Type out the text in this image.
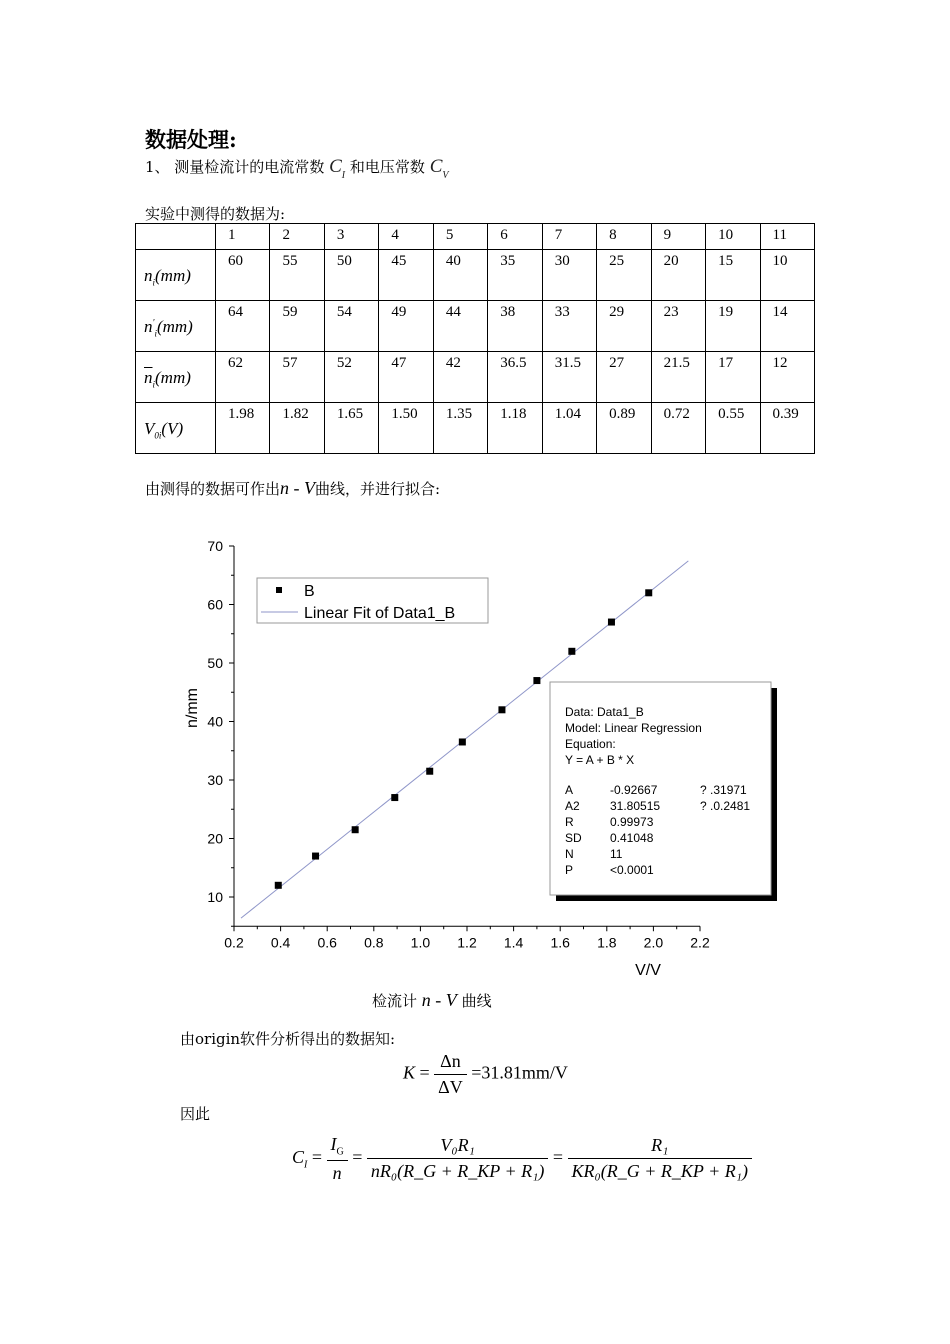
数据处理:
1、 测量检流计的电流常数 $C_I$ 和电压常数 $C_V$
实验中测得的数据为:
	1	2	3	4	5	6	7	8	9	10	11
$n_i(mm)$	60	55	50	45	40	35	30	25	20	15	10
$n'_i(mm)$	64	59	54	49	44	38	33	29	23	19	14
$\overline{n}_i(mm)$	62	57	52	47	42	36.5	31.5	27	21.5	17	12
$V_{0i}(V)$	1.98	1.82	1.65	1.50	1.35	1.18	1.04	0.89	0.72	0.55	0.39
由测得的数据可作出n - V曲线，并进行拟合:
0.2 0.4 0.6 0.8 1.0 1.2 1.4 1.6 1.8 2.0 2.2
10
20
30
40
50
60
70
V/V
n/mm
B
Linear Fit of Data1_B
Data: Data1_B
Model: Linear Regression
Equation:
Y = A + B * X
A	-0.92667	? .31971
A2	31.80515	? .0.2481
R	0.99973
SD 0.41048
N	11
P	<0.0001
检流计 n - V 曲线
由origin软件分析得出的数据知:
$K = \frac{\Delta n}{\Delta V} =31.81mm/V$
因此
$C_I = \frac{I_G}{n} = \frac{\text{V₀R₁}}{\text{nR₀(R\_G + R\_KP + R₁)}} = \frac{\text{R₁}}{\text{KR₀(R\_G + R\_KP + R₁)}}$
